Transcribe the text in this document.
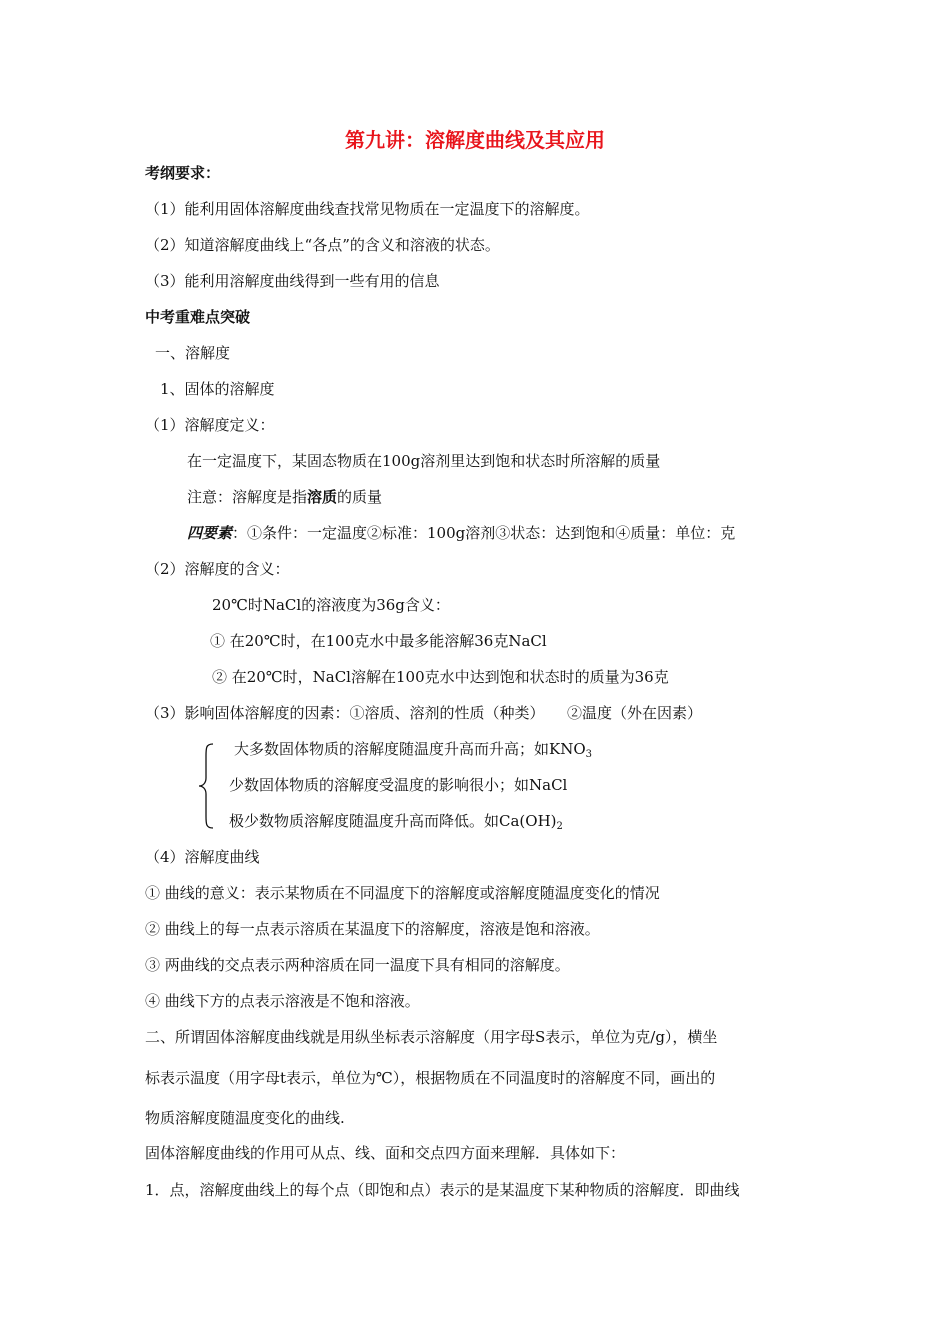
第九讲：溶解度曲线及其应用
考纲要求：
（1）能利用固体溶解度曲线查找常见物质在一定温度下的溶解度。
（2）知道溶解度曲线上“各点”的含义和溶液的状态。
（3）能利用溶解度曲线得到一些有用的信息
中考重难点突破
一、溶解度
1、固体的溶解度
（1）溶解度定义：
在一定温度下，某固态物质在100g溶剂里达到饱和状态时所溶解的质量
注意：溶解度是指溶质的质量
四要素：①条件：一定温度②标准：100g溶剂③状态：达到饱和④质量：单位：克
（2）溶解度的含义：
20℃时NaCl的溶液度为36g含义：
① 在20℃时，在100克水中最多能溶解36克NaCl
② 在20℃时，NaCl溶解在100克水中达到饱和状态时的质量为36克
（3）影响固体溶解度的因素：①溶质、溶剂的性质（种类）　　②温度（外在因素）
大多数固体物质的溶解度随温度升高而升高；如$KNO_3$
少数固体物质的溶解度受温度的影响很小；如NaCl
极少数物质溶解度随温度升高而降低。如$Ca(OH)_2$
（4）溶解度曲线
① 曲线的意义：表示某物质在不同温度下的溶解度或溶解度随温度变化的情况
② 曲线上的每一点表示溶质在某温度下的溶解度，溶液是饱和溶液。
③ 两曲线的交点表示两种溶质在同一温度下具有相同的溶解度。
④ 曲线下方的点表示溶液是不饱和溶液。
二、所谓固体溶解度曲线就是用纵坐标表示溶解度（用字母S表示，单位为克/g），横坐
标表示温度（用字母t表示，单位为℃），根据物质在不同温度时的溶解度不同，画出的
物质溶解度随温度变化的曲线.
固体溶解度曲线的作用可从点、线、面和交点四方面来理解．具体如下：
1．点，溶解度曲线上的每个点（即饱和点）表示的是某温度下某种物质的溶解度．即曲线
